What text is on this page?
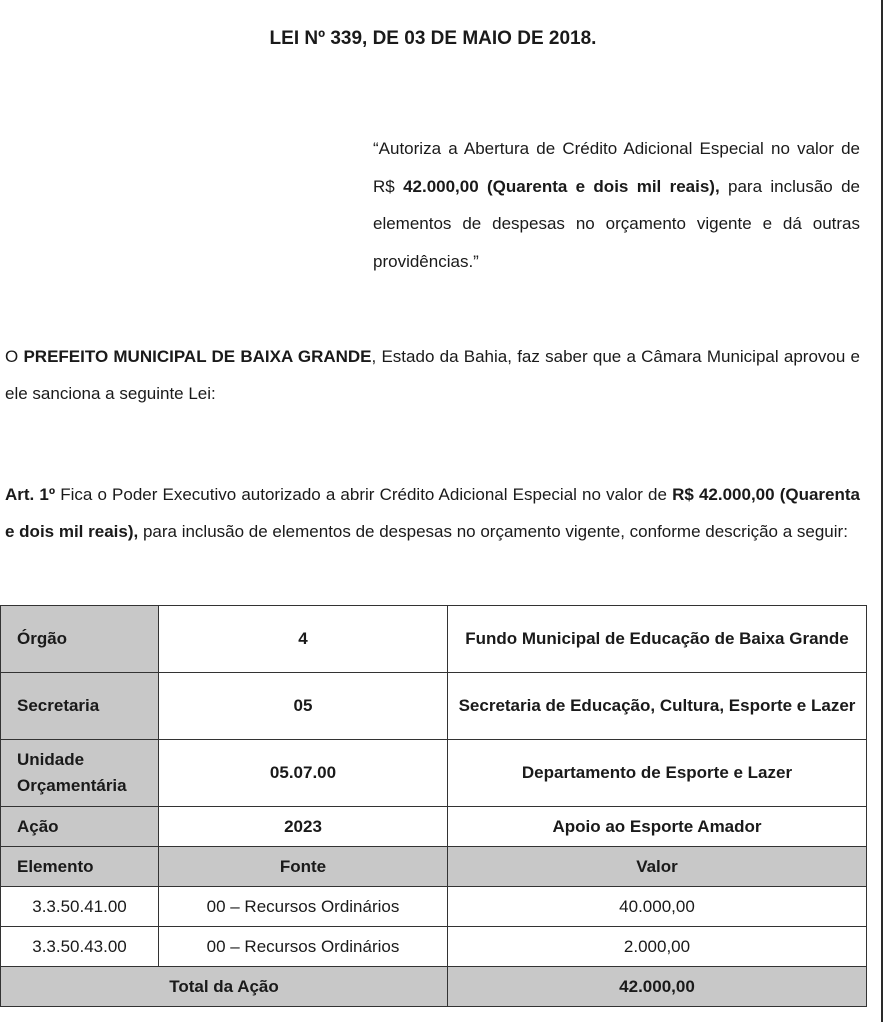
LEI Nº 339, DE 03 DE MAIO DE 2018.
“Autoriza a Abertura de Crédito Adicional Especial no valor de R$ 42.000,00 (Quarenta e dois mil reais), para inclusão de elementos de despesas no orçamento vigente e dá outras providências.”
O PREFEITO MUNICIPAL DE BAIXA GRANDE, Estado da Bahia, faz saber que a Câmara Municipal aprovou e ele sanciona a seguinte Lei:
Art. 1º Fica o Poder Executivo autorizado a abrir Crédito Adicional Especial no valor de R$ 42.000,00 (Quarenta e dois mil reais), para inclusão de elementos de despesas no orçamento vigente, conforme descrição a seguir:
Órgão	4	Fundo Municipal de Educação de Baixa Grande
Secretaria	05	Secretaria de Educação, Cultura, Esporte e Lazer
Unidade Orçamentária	05.07.00	Departamento de Esporte e Lazer
Ação	2023	Apoio ao Esporte Amador
Elemento	Fonte	Valor
3.3.50.41.00	00 – Recursos Ordinários	40.000,00
3.3.50.43.00	00 – Recursos Ordinários	2.000,00
Total da Ação		42.000,00
